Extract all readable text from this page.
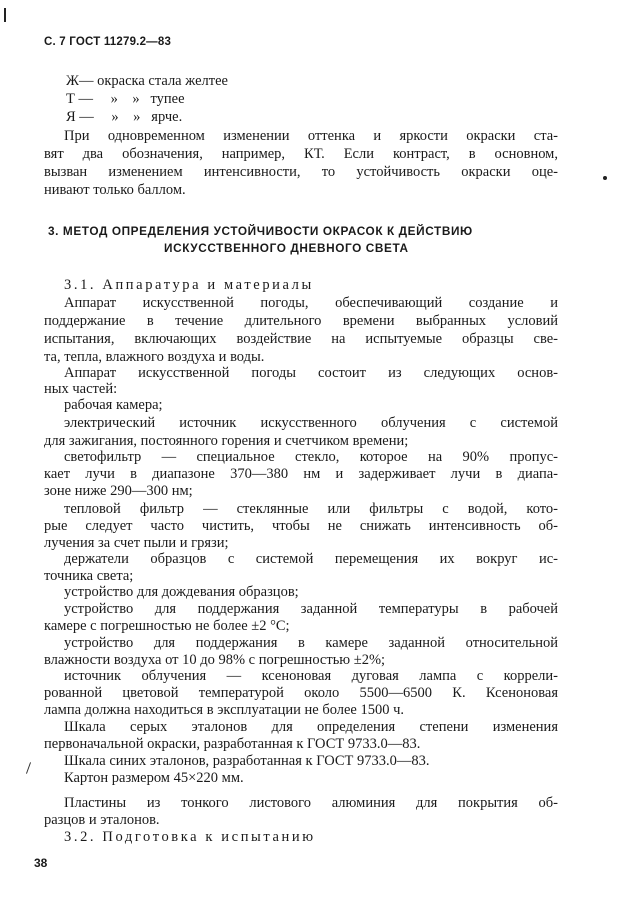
С. 7 ГОСТ 11279.2—83
Ж— окраска стала желтее
Т — »    »   тупее
Я — »    »   ярче.
При одновременном изменении оттенка и яркости окраски ста-
вят два обозначения, например, КТ. Если контраст, в основном,
вызван изменением интенсивности, то устойчивость окраски оце-
нивают только баллом.
3. МЕТОД ОПРЕДЕЛЕНИЯ УСТОЙЧИВОСТИ ОКРАСОК К ДЕЙСТВИЮ
ИСКУССТВЕННОГО ДНЕВНОГО СВЕТА
3.1. Аппаратура и материалы
Аппарат искусственной погоды, обеспечивающий создание и
поддержание в течение длительного времени выбранных условий
испытания, включающих воздействие на испытуемые образцы све-
та, тепла, влажного воздуха и воды.
Аппарат искусственной погоды состоит из следующих основ-
ных частей:
рабочая камера;
электрический источник искусственного облучения с системой
для зажигания, постоянного горения и счетчиком времени;
светофильтр — специальное стекло, которое на 90% пропус-
кает лучи в диапазоне 370—380 нм и задерживает лучи в диапа-
зоне ниже 290—300 нм;
тепловой фильтр — стеклянные или фильтры с водой, кото-
рые следует часто чистить, чтобы не снижать интенсивность об-
лучения за счет пыли и грязи;
держатели образцов с системой перемещения их вокруг ис-
точника света;
устройство для дождевания образцов;
устройство для поддержания заданной температуры в рабочей
камере с погрешностью не более ±2 °С;
устройство для поддержания в камере заданной относительной
влажности воздуха от 10 до 98% с погрешностью ±2%;
источник облучения — ксеноновая дуговая лампа с коррели-
рованной цветовой температурой около 5500—6500 К. Ксеноновая
лампа должна находиться в эксплуатации не более 1500 ч.
Шкала серых эталонов для определения степени изменения
первоначальной окраски, разработанная к ГОСТ 9733.0—83.
Шкала синих эталонов, разработанная к ГОСТ 9733.0—83.
Картон размером 45×220 мм.
Пластины из тонкого листового алюминия для покрытия об-
разцов и эталонов.
3.2. Подготовка к испытанию
38
